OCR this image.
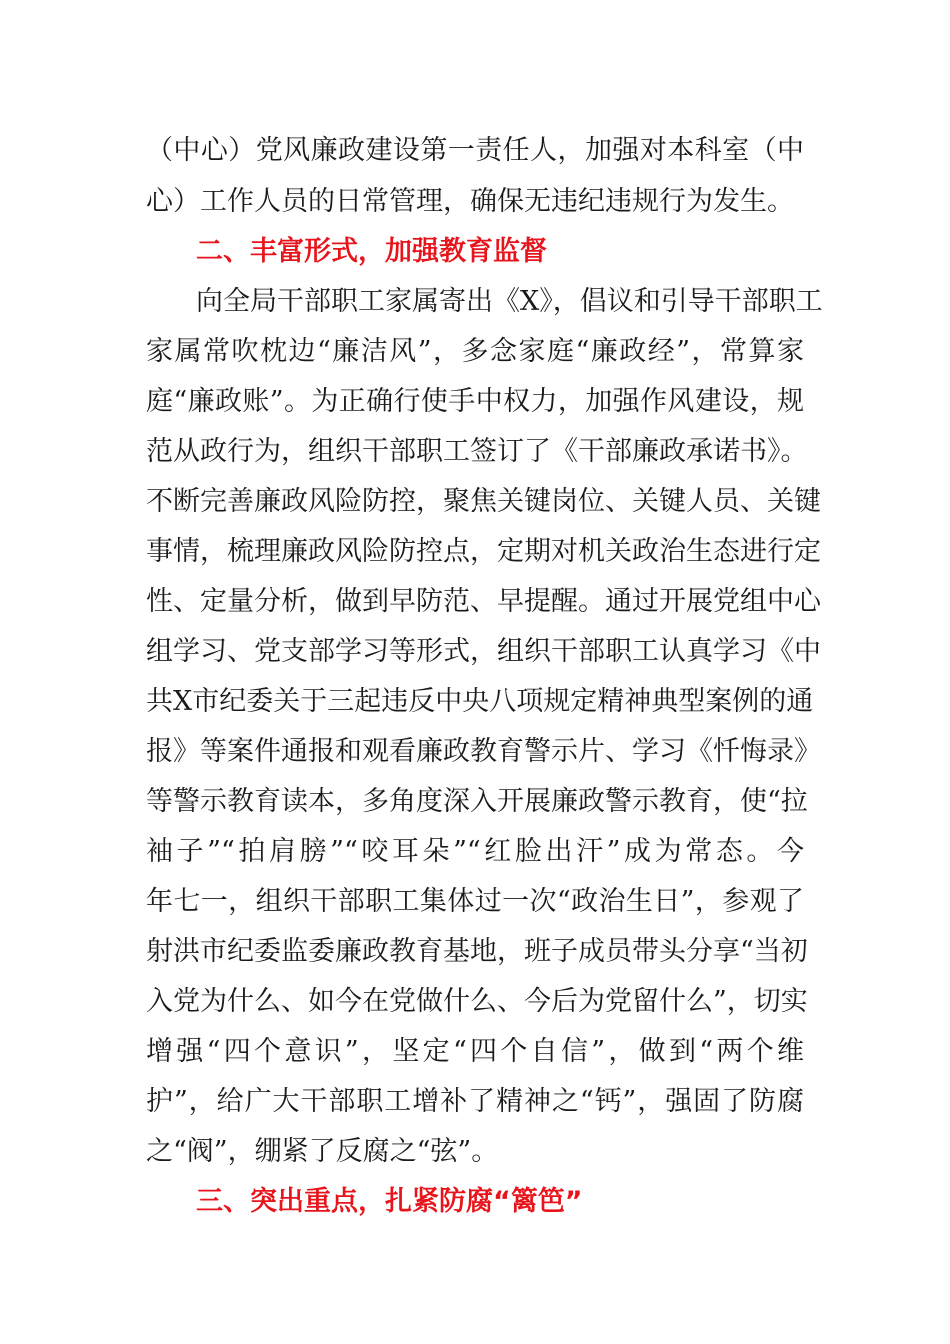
（中心）党风廉政建设第一责任人，加强对本科室（中
心）工作人员的日常管理，确保无违纪违规行为发生。
二、丰富形式，加强教育监督
向全局干部职工家属寄出《X》，倡议和引导干部职工
家属常吹枕边“廉洁风”，多念家庭“廉政经”，常算家
庭“廉政账”。为正确行使手中权力，加强作风建设，规
范从政行为，组织干部职工签订了《干部廉政承诺书》。
不断完善廉政风险防控，聚焦关键岗位、关键人员、关键
事情，梳理廉政风险防控点，定期对机关政治生态进行定
性、定量分析，做到早防范、早提醒。通过开展党组中心
组学习、党支部学习等形式，组织干部职工认真学习《中
共X市纪委关于三起违反中央八项规定精神典型案例的通
报》等案件通报和观看廉政教育警示片、学习《忏悔录》
等警示教育读本，多角度深入开展廉政警示教育，使“拉
袖子”“拍肩膀”“咬耳朵”“红脸出汗”成为常态。今
年七一，组织干部职工集体过一次“政治生日”，参观了
射洪市纪委监委廉政教育基地，班子成员带头分享“当初
入党为什么、如今在党做什么、今后为党留什么”，切实
增强“四个意识”，坚定“四个自信”，做到“两个维
护”，给广大干部职工增补了精神之“钙”，强固了防腐
之“阀”，绷紧了反腐之“弦”。
三、突出重点，扎紧防腐“篱笆”
